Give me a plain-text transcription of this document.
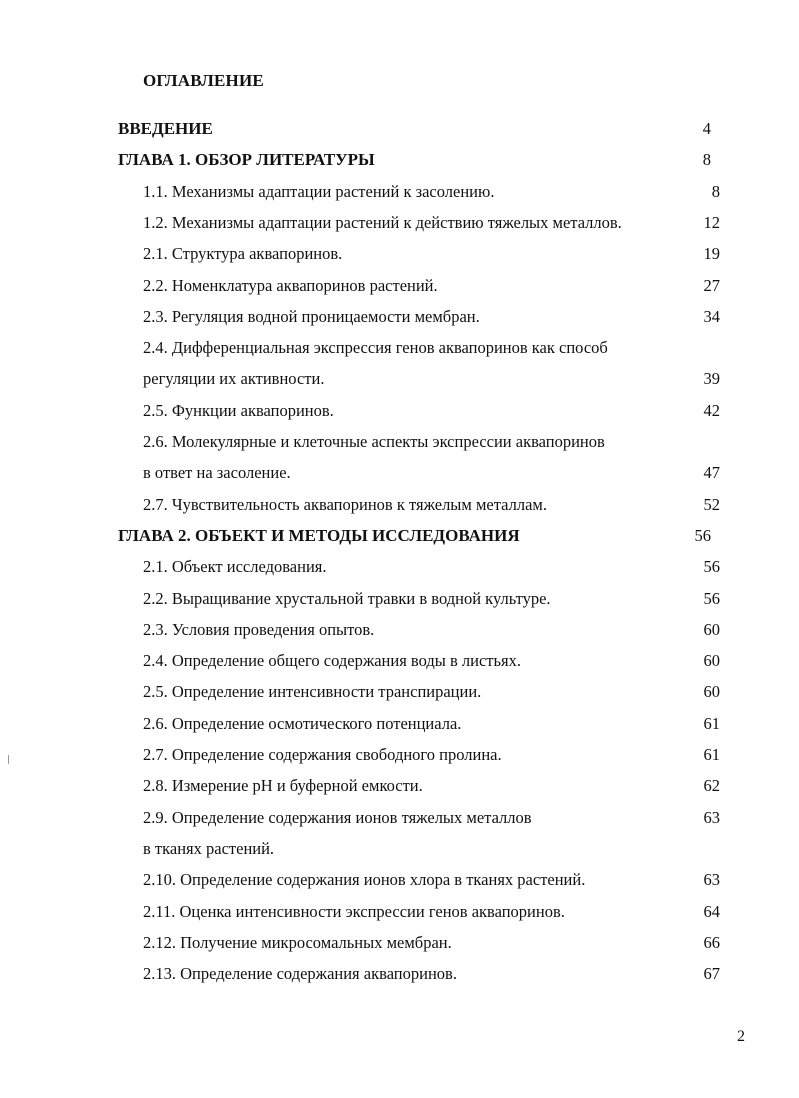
ОГЛАВЛЕНИЕ
ВВЕДЕНИЕ	4
ГЛАВА 1. ОБЗОР ЛИТЕРАТУРЫ	8
1.1. Механизмы адаптации растений к засолению.	8
1.2. Механизмы адаптации растений к действию тяжелых металлов.	12
2.1. Структура аквапоринов.	19
2.2. Номенклатура аквапоринов растений.	27
2.3. Регуляция водной проницаемости мембран.	34
2.4. Дифференциальная экспрессия генов аквапоринов как способ
регуляции их активности.	39
2.5. Функции аквапоринов.	42
2.6. Молекулярные и клеточные аспекты экспрессии аквапоринов
в ответ на засоление.	47
2.7. Чувствительность аквапоринов к тяжелым металлам.	52
ГЛАВА 2. ОБЪЕКТ И МЕТОДЫ ИССЛЕДОВАНИЯ	56
2.1. Объект исследования.	56
2.2. Выращивание хрустальной травки в водной культуре.	56
2.3. Условия проведения опытов.	60
2.4. Определение общего содержания воды в листьях.	60
2.5. Определение интенсивности транспирации.	60
2.6. Определение осмотического потенциала.	61
2.7. Определение содержания свободного пролина.	61
2.8. Измерение рН и буферной емкости.	62
2.9. Определение содержания ионов тяжелых металлов	63
в тканях растений.
2.10. Определение содержания ионов хлора в тканях растений.	63
2.11. Оценка интенсивности экспрессии генов аквапоринов.	64
2.12. Получение микросомальных мембран.	66
2.13. Определение содержания аквапоринов.	67
2
